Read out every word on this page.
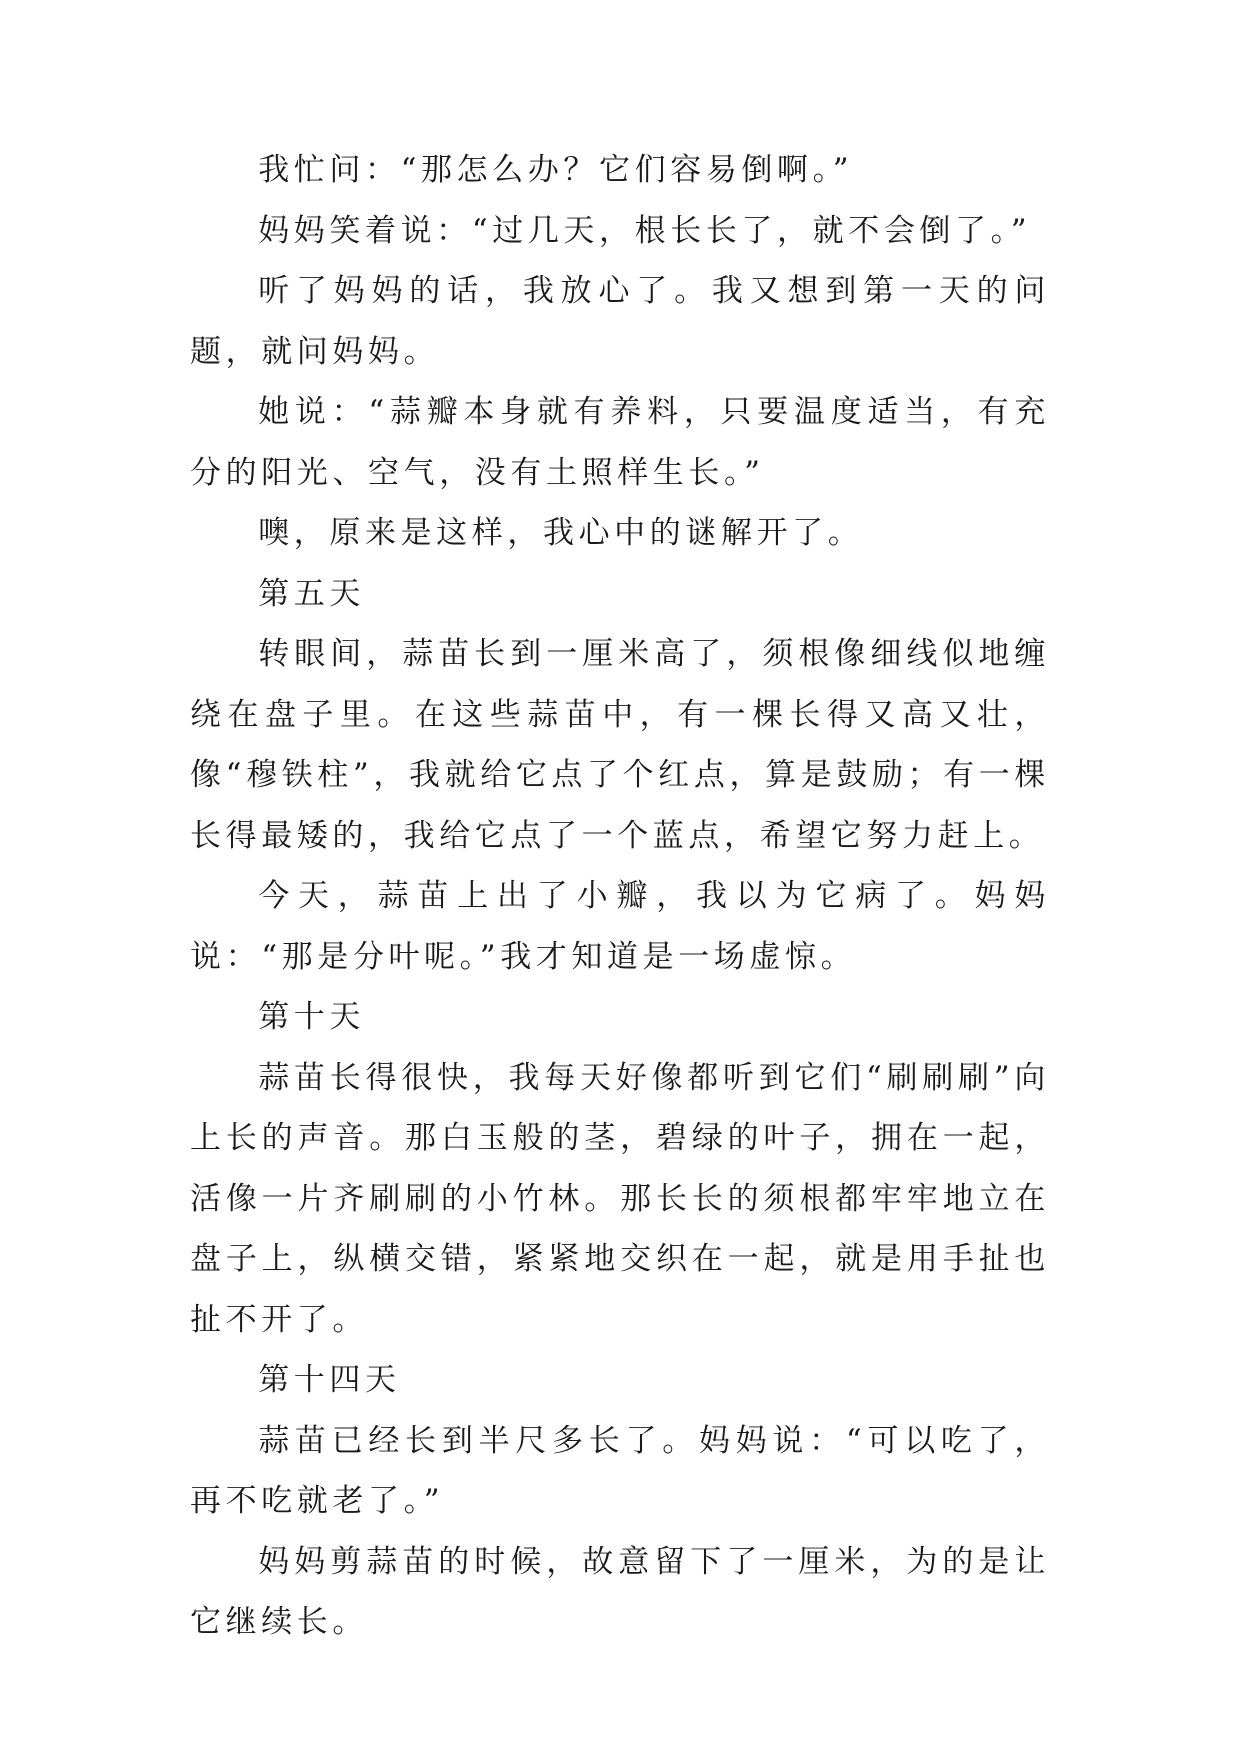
我忙问：“那怎么办？它们容易倒啊。”

妈妈笑着说：“过几天，根长长了，就不会倒了。”

听了妈妈的话，我放心了。我又想到第一天的问题，就问妈妈。

她说：“蒜瓣本身就有养料，只要温度适当，有充分的阳光、空气，没有土照样生长。”

噢，原来是这样，我心中的谜解开了。

第五天

转眼间，蒜苗长到一厘米高了，须根像细线似地缠绕在盘子里。在这些蒜苗中，有一棵长得又高又壮，像“穆铁柱”，我就给它点了个红点，算是鼓励；有一棵长得最矮的，我给它点了一个蓝点，希望它努力赶上。

今天，蒜苗上出了小瓣，我以为它病了。妈妈说：“那是分叶呢。”我才知道是一场虚惊。

第十天

蒜苗长得很快，我每天好像都听到它们“刷刷刷”向上长的声音。那白玉般的茎，碧绿的叶子，拥在一起，活像一片齐刷刷的小竹林。那长长的须根都牢牢地立在盘子上，纵横交错，紧紧地交织在一起，就是用手扯也扯不开了。

第十四天

蒜苗已经长到半尺多长了。妈妈说：“可以吃了，再不吃就老了。”

妈妈剪蒜苗的时候，故意留下了一厘米，为的是让它继续长。
